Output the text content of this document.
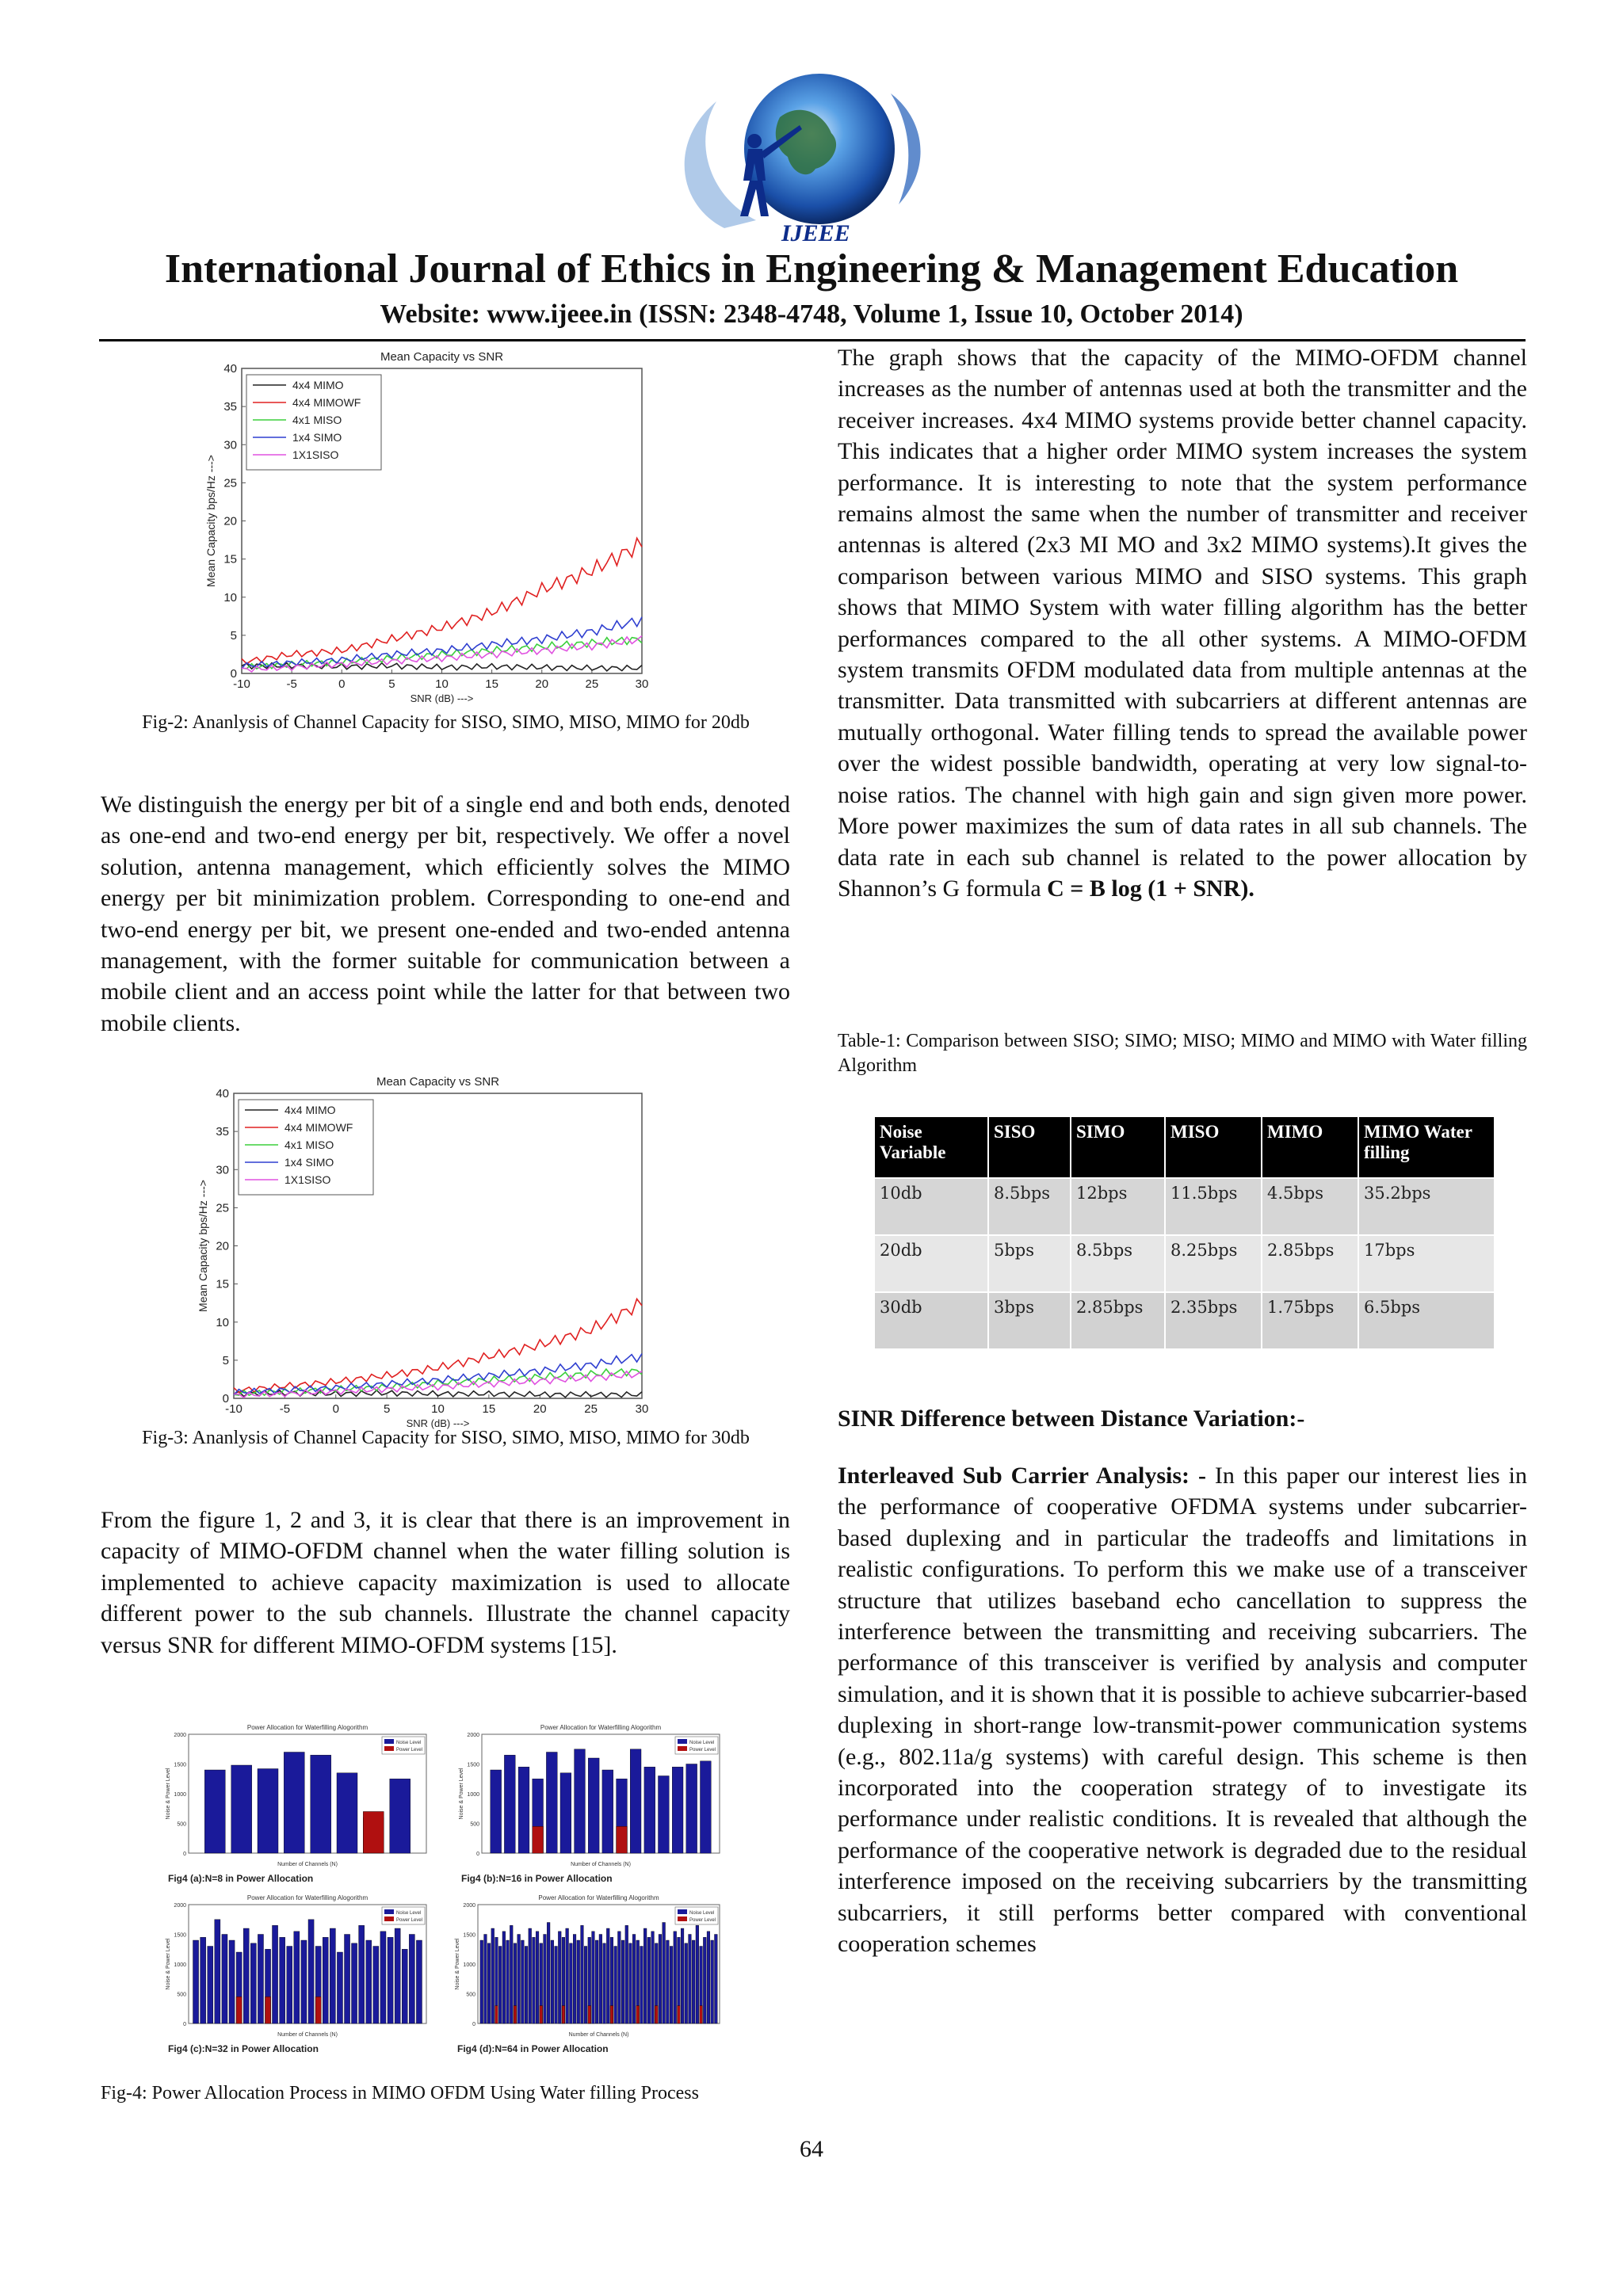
IJEEE
International Journal of Ethics in Engineering & Management Education
Website: www.ijeee.in (ISSN: 2348-4748, Volume 1, Issue 10, October 2014)
Mean Capacity vs SNR
-10	-5	0	5	10	15	20	25	30
0
5
10
15
20
25
30
35
40
SNR (dB) --->
Mean Capacity bps/Hz --->
4x4 MIMO
4x4 MIMOWF
4x1 MISO
1x4 SIMO
1X1SISO
Fig-2: Ananlysis of Channel Capacity for SISO, SIMO, MISO, MIMO for 20db
We distinguish the energy per bit of a single end and both ends, denoted as one-end and two-end energy per bit, respectively. We offer a novel solution, antenna management, which efficiently solves the MIMO energy per bit minimization problem. Corresponding to one-end and two-end energy per bit, we present one-ended and two-ended antenna management, with the former suitable for communication between a mobile client and an access point while the latter for that between two mobile clients.
Mean Capacity vs SNR
-10	-5	0	5	10	15	20	25	30
0
5
10
15
20
25
30
35
40
SNR (dB) --->
Mean Capacity bps/Hz --->
4x4 MIMO
4x4 MIMOWF
4x1 MISO
1x4 SIMO
1X1SISO
Fig-3: Ananlysis of Channel Capacity for SISO, SIMO, MISO, MIMO for 30db
From the figure 1, 2 and 3, it is clear that there is an improvement in capacity of MIMO-OFDM channel when the water filling solution is implemented to achieve capacity maximization is used to allocate different power to the sub channels. Illustrate the channel capacity versus SNR for different MIMO-OFDM systems [15].
Power Allocation for Waterfilling Alogorithm
0
500
1000
1500
2000
Number of Channels (N)
Noise & Power Level
Noise Level
Power Level
Fig4 (a):N=8 in Power Allocation
Power Allocation for Waterfilling Alogorithm
0
500
1000
1500
2000
Number of Channels (N)
Noise & Power Level
Noise Level
Power Level
Fig4 (b):N=16 in Power Allocation
Power Allocation for Waterfilling Alogorithm
0
500
1000
1500
2000
Number of Channels (N)
Noise & Power Level
Noise Level
Power Level
Fig4 (c):N=32 in Power Allocation
Power Allocation for Waterfilling Alogorithm
0
500
1000
1500
2000
Number of Channels (N)
Noise & Power Level
Noise Level
Power Level
Fig4 (d):N=64 in Power Allocation
Fig-4: Power Allocation Process in MIMO OFDM Using Water filling Process
The graph shows that the capacity of the MIMO-OFDM channel increases as the number of antennas used at both the transmitter and the receiver increases. 4x4 MIMO systems provide better channel capacity. This indicates that a higher order MIMO system increases the system performance. It is interesting to note that the system performance remains almost the same when the number of transmitter and receiver antennas is altered (2x3 MI MO and 3x2 MIMO systems).It gives the comparison between various MIMO and SISO systems. This graph shows that MIMO System with water filling algorithm has the better performances compared to the all other systems. A MIMO-OFDM system transmits OFDM modulated data from multiple antennas at the transmitter. Data transmitted with subcarriers at different antennas are mutually orthogonal. Water filling tends to spread the available power over the widest possible bandwidth, operating at very low signal-to-noise ratios. The channel with high gain and sign given more power. More power maximizes the sum of data rates in all sub channels. The data rate in each sub channel is related to the power allocation by Shannon’s G formula C = B log (1 + SNR).
Table-1: Comparison between SISO; SIMO; MISO; MIMO and MIMO with Water filling Algorithm
Noise Variable	SISO	SIMO	MISO	MIMO	MIMO Water filling
10db	8.5bps	12bps	11.5bps	4.5bps	35.2bps
20db	5bps	8.5bps	8.25bps	2.85bps	17bps
30db	3bps	2.85bps	2.35bps	1.75bps	6.5bps
SINR Difference between Distance Variation:-
Interleaved Sub Carrier Analysis: - In this paper our interest lies in the performance of cooperative OFDMA systems under subcarrier-based duplexing and in particular the tradeoffs and limitations in realistic configurations. To perform this we make use of a transceiver structure that utilizes baseband echo cancellation to suppress the interference between the transmitting and receiving subcarriers. The performance of this transceiver is verified by analysis and computer simulation, and it is shown that it is possible to achieve subcarrier-based duplexing in short-range low-transmit-power communication systems (e.g., 802.11a/g systems) with careful design. This scheme is then incorporated into the cooperation strategy of to investigate its performance under realistic conditions. It is revealed that although the performance of the cooperative network is degraded due to the residual interference imposed on the receiving subcarriers by the transmitting subcarriers, it still performs better compared with conventional cooperation schemes
64
